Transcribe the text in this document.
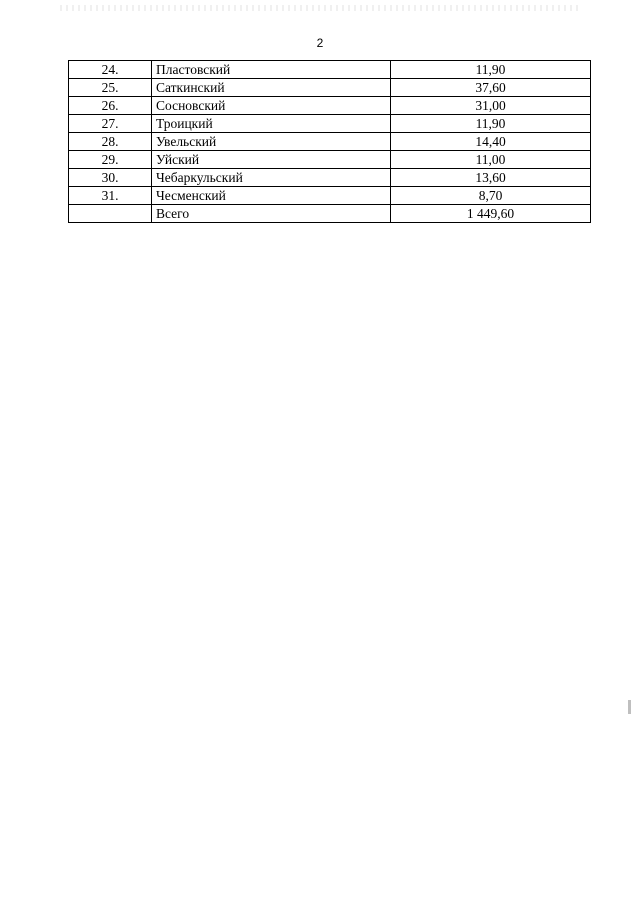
2
24.	Пластовский	11,90
25.	Саткинский	37,60
26.	Сосновский	31,00
27.	Троицкий	11,90
28.	Увельский	14,40
29.	Уйский	11,00
30.	Чебаркульский	13,60
31.	Чесменский	8,70
	Всего	1 449,60
